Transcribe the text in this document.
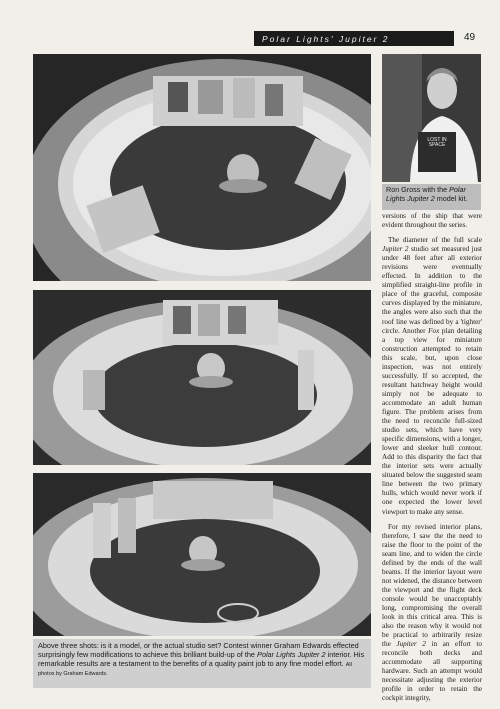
Polar Lights' Jupiter 2	49
LOST IN SPACE
Ron Gross with the Polar Lights Jupiter 2 model kit.
Above three shots: is it a model, or the actual studio set? Contest winner Graham Edwards effected surprisingly few modifications to achieve this brilliant build-up of the Polar Lights Jupiter 2 interior. His remarkable results are a testament to the benefits of a quality paint job to any fine model effort. All photos by Graham Edwards.

versions of the ship that were evident throughout the series.

The diameter of the full scale Jupiter 2 studio set measured just under 48 feet after all exterior revisions were eventually effected. In addition to the simplified straight-line profile in place of the graceful, composite curves displayed by the miniature, the angles were also such that the roof line was defined by a 'tighter' circle. Another Fox plan detailing a top view for miniature construction attempted to retain this scale, but, upon close inspection, was not entirely successfully. If so accepted, the resultant hatchway height would simply not be adequate to accommodate an adult human figure. The problem arises from the need to reconcile full-sized studio sets, which have very specific dimensions, with a longer, lower and sleeker hull contour. Add to this disparity the fact that the interior sets were actually situated below the suggested seam line between the two primary hulls, which would never work if one expected the lower level viewport to make any sense.

For my revised interior plans, therefore, I saw the the need to raise the floor to the point of the seam line, and to widen the circle defined by the ends of the wall beams. If the interior layout were not widened, the distance between the viewport and the flight deck console would be unacceptably long, compromising the overall look in this critical area. This is also the reason why it would not be practical to arbitrarily resize the Jupiter 2 in an effort to reconcile both decks and accommodate all supporting hardware. Such an attempt would necessitate adjusting the exterior profile in order to retain the cockpit integrity,
